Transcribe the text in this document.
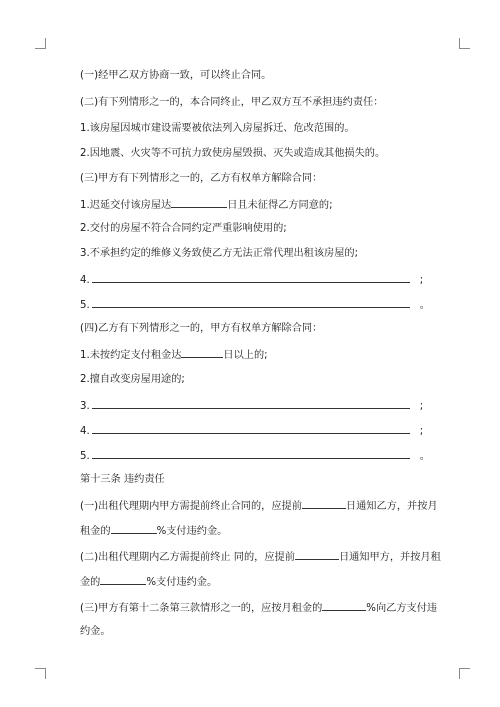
(一)经甲乙双方协商一致，可以终止合同。
(二)有下列情形之一的，本合同终止，甲乙双方互不承担违约责任：
1.该房屋因城市建设需要被依法列入房屋拆迁、危改范围的。
2.因地震、火灾等不可抗力致使房屋毁损、灭失或造成其他损失的。
(三)甲方有下列情形之一的，乙方有权单方解除合同：
1.迟延交付该房屋达	日且未征得乙方同意的;
2.交付的房屋不符合合同约定严重影响使用的;
3.不承担约定的维修义务致使乙方无法正常代理出租该房屋的;
4.	;
5.	。
(四)乙方有下列情形之一的，甲方有权单方解除合同：
1.未按约定支付租金达	日以上的;
2.擅自改变房屋用途的;
3.	;
4.	;
5.	。
第十三条 违约责任
(一)出租代理期内甲方需提前终止合同的，应提前	日通知乙方，并按月
租金的	%支付违约金。
(二)出租代理期内乙方需提前终止 同的，应提前	日通知甲方，并按月租
金的	%支付违约金。
(三)甲方有第十二条第三款情形之一的，应按月租金的	%向乙方支付违
约金。
